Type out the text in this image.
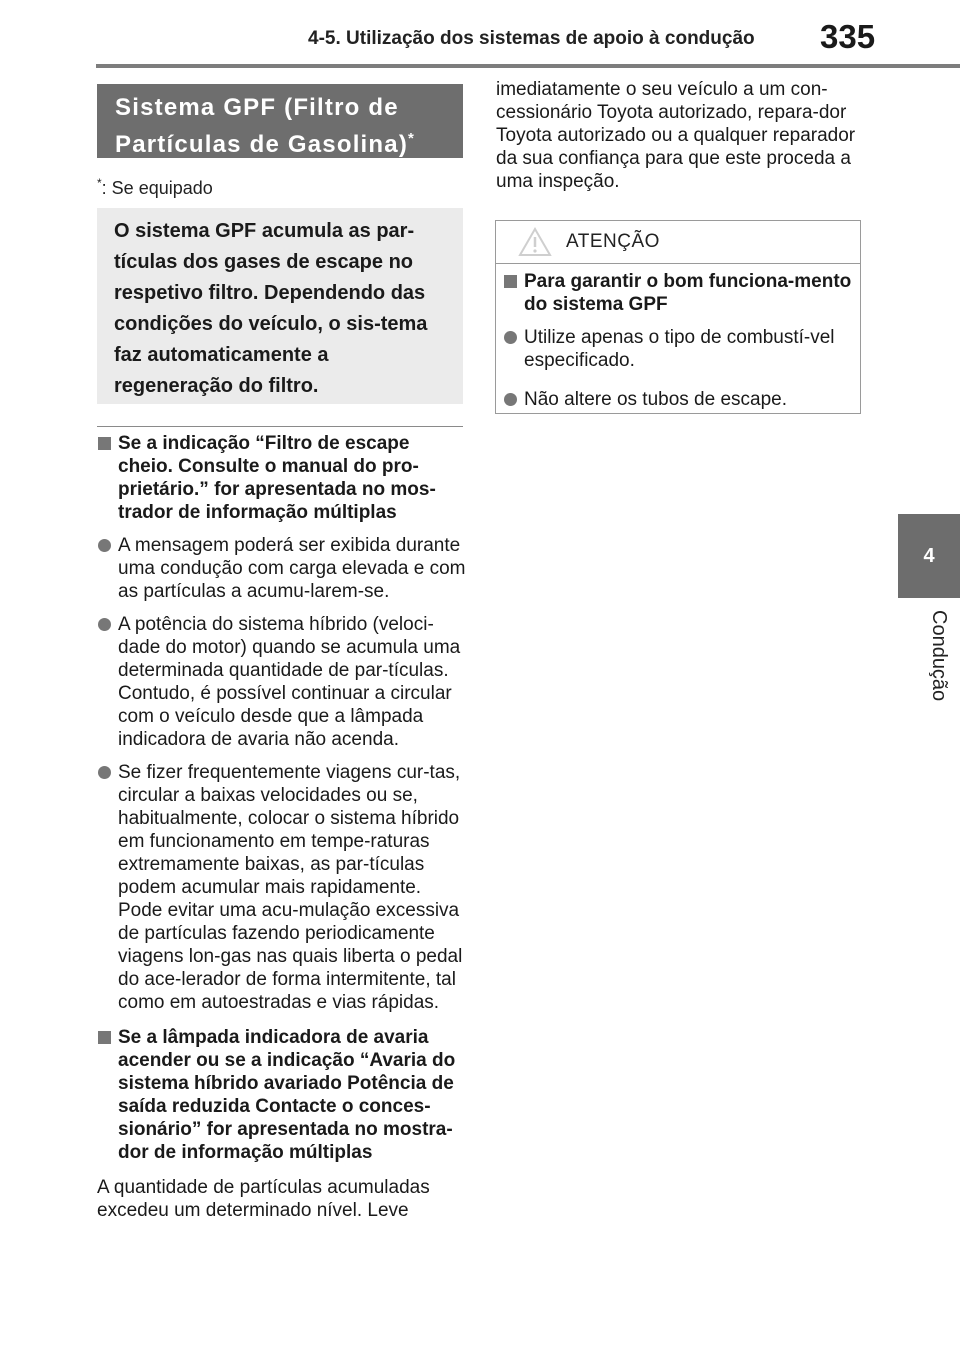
4-5. Utilização dos sistemas de apoio à condução	335
4
Condução
Sistema GPF (Filtro de Partículas de Gasolina)*
*: Se equipado
O sistema GPF acumula as par-tículas dos gases de escape no respetivo filtro. Dependendo das condições do veículo, o sis-tema faz automaticamente a regeneração do filtro.
Se a indicação “Filtro de escape cheio. Consulte o manual do pro-prietário.” for apresentada no mos-trador de informação múltiplas
A mensagem poderá ser exibida durante uma condução com carga elevada e com as partículas a acumu-larem-se.
A potência do sistema híbrido (veloci-dade do motor) quando se acumula uma determinada quantidade de par-tículas. Contudo, é possível continuar a circular com o veículo desde que a lâmpada indicadora de avaria não acenda.
Se fizer frequentemente viagens cur-tas, circular a baixas velocidades ou se, habitualmente, colocar o sistema híbrido em funcionamento em tempe-raturas extremamente baixas, as par-tículas podem acumular mais rapidamente. Pode evitar uma acu-mulação excessiva de partículas fazendo periodicamente viagens lon-gas nas quais liberta o pedal do ace-lerador de forma intermitente, tal como em autoestradas e vias rápidas.
Se a lâmpada indicadora de avaria acender ou se a indicação “Avaria do sistema híbrido avariado Potência de saída reduzida Contacte o conces-sionário” for apresentada no mostra-dor de informação múltiplas
A quantidade de partículas acumuladas excedeu um determinado nível. Leve
imediatamente o seu veículo a um con-cessionário Toyota autorizado, repara-dor Toyota autorizado ou a qualquer reparador da sua confiança para que este proceda a uma inspeção.
ATENÇÃO
Para garantir o bom funciona-mento do sistema GPF
Utilize apenas o tipo de combustí-vel especificado.
Não altere os tubos de escape.
